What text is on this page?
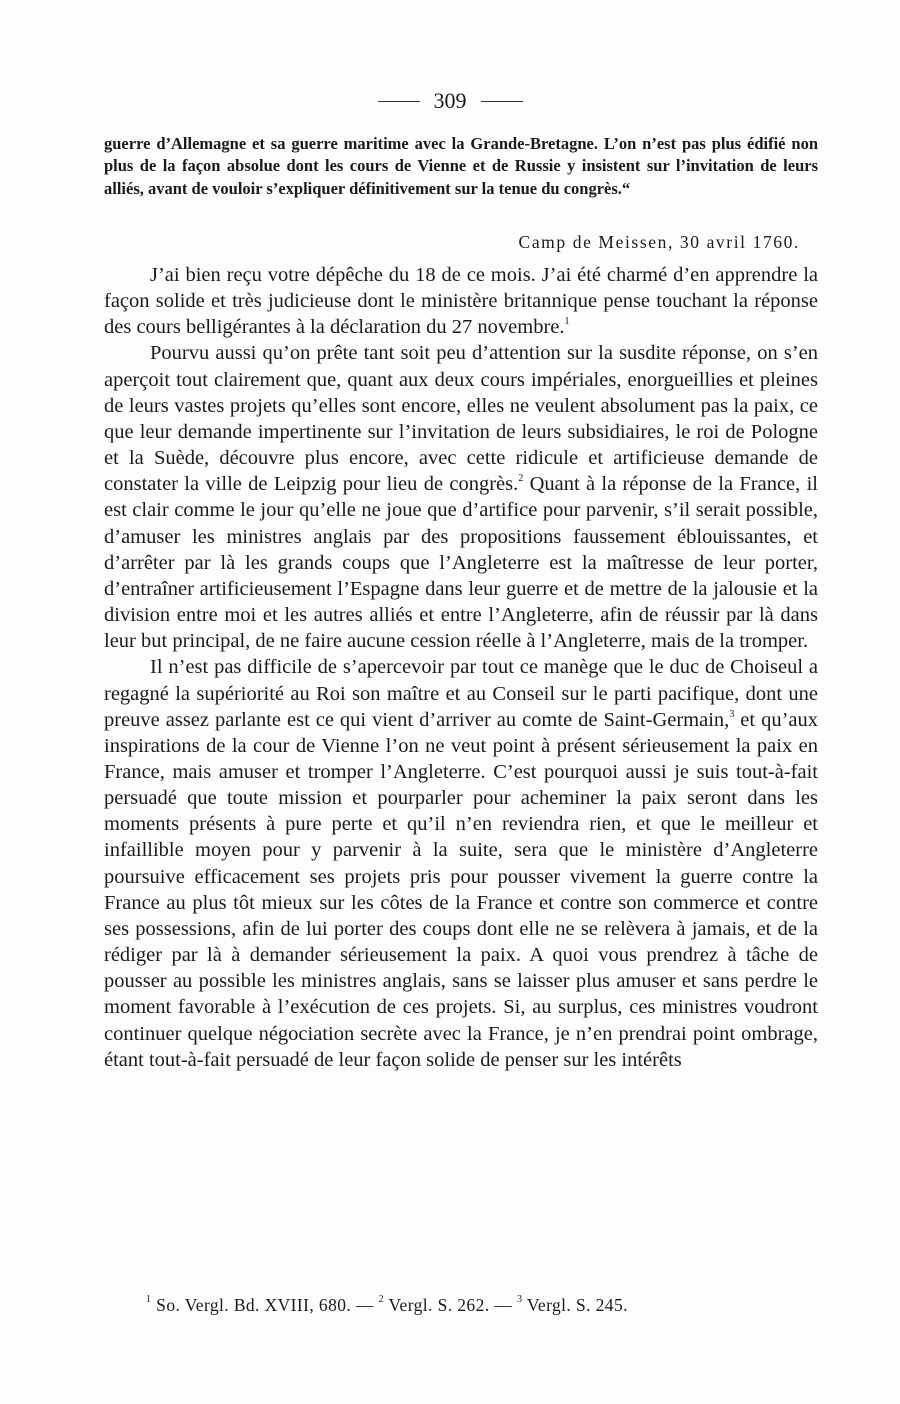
309

guerre d’Allemagne et sa guerre maritime avec la Grande-Bretagne. L’on n’est pas plus édifié non plus de la façon absolue dont les cours de Vienne et de Russie y insistent sur l’invitation de leurs alliés, avant de vouloir s’expliquer définitivement sur la tenue du congrès.“

Camp de Meissen, 30 avril 1760.

J’ai bien reçu votre dépêche du 18 de ce mois. J’ai été charmé d’en apprendre la façon solide et très judicieuse dont le ministère britannique pense touchant la réponse des cours belligérantes à la déclaration du 27 novembre.$^1$

Pourvu aussi qu’on prête tant soit peu d’attention sur la susdite réponse, on s’en aperçoit tout clairement que, quant aux deux cours impériales, enorgueillies et pleines de leurs vastes projets qu’elles sont encore, elles ne veulent absolument pas la paix, ce que leur demande impertinente sur l’invitation de leurs subsidiaires, le roi de Pologne et la Suède, découvre plus encore, avec cette ridicule et artificieuse demande de constater la ville de Leipzig pour lieu de congrès.$^2$ Quant à la réponse de la France, il est clair comme le jour qu’elle ne joue que d’artifice pour parvenir, s’il serait possible, d’amuser les ministres anglais par des propositions faussement éblouissantes, et d’arrêter par là les grands coups que l’Angleterre est la maîtresse de leur porter, d’entraîner artificieusement l’Espagne dans leur guerre et de mettre de la jalousie et la division entre moi et les autres alliés et entre l’Angleterre, afin de réussir par là dans leur but principal, de ne faire aucune cession réelle à l’Angleterre, mais de la tromper.

Il n’est pas difficile de s’apercevoir par tout ce manège que le duc de Choiseul a regagné la supériorité au Roi son maître et au Conseil sur le parti pacifique, dont une preuve assez parlante est ce qui vient d’arriver au comte de Saint-Germain,$^3$ et qu’aux inspirations de la cour de Vienne l’on ne veut point à présent sérieusement la paix en France, mais amuser et tromper l’Angleterre. C’est pourquoi aussi je suis tout-à-fait persuadé que toute mission et pourparler pour acheminer la paix seront dans les moments présents à pure perte et qu’il n’en reviendra rien, et que le meilleur et infaillible moyen pour y parvenir à la suite, sera que le ministère d’Angleterre poursuive efficacement ses projets pris pour pousser vivement la guerre contre la France au plus tôt mieux sur les côtes de la France et contre son commerce et contre ses possessions, afin de lui porter des coups dont elle ne se relèvera à jamais, et de la rédiger par là à demander sérieusement la paix. A quoi vous prendrez à tâche de pousser au possible les ministres anglais, sans se laisser plus amuser et sans perdre le moment favorable à l’exécution de ces projets. Si, au surplus, ces ministres voudront continuer quelque négociation secrète avec la France, je n’en prendrai point ombrage, étant tout-à-fait persuadé de leur façon solide de penser sur les intérêts

$^1$ So. Vergl. Bd. XVIII, 680. — $^2$ Vergl. S. 262. — $^3$ Vergl. S. 245.
